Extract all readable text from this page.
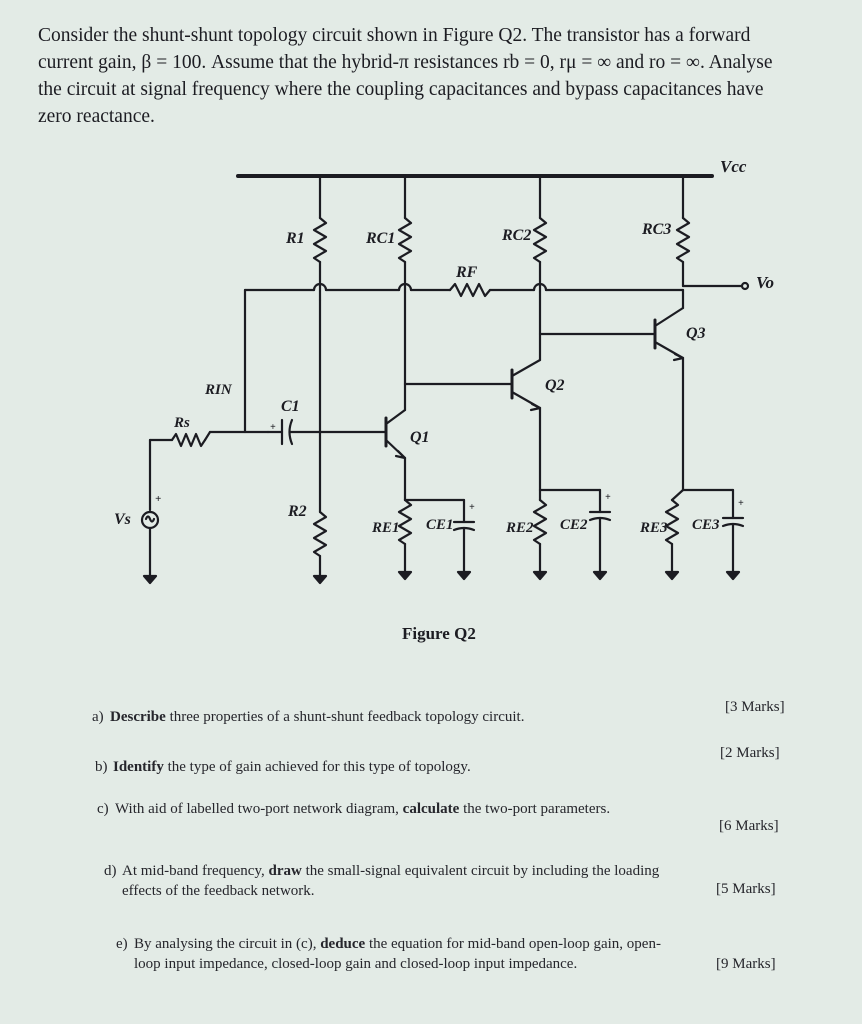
Consider the shunt-shunt topology circuit shown in Figure Q2. The transistor has a forward
current gain, β = 100. Assume that the hybrid-π resistances rb = 0, rμ = ∞ and ro = ∞. Analyse
the circuit at signal frequency where the coupling capacitances and bypass capacitances have
zero reactance.
Vcc
R1	RC1	RC2	RC3
RF
Vo
RIN
Rs
+
Vs
+
C1
R2
Q1
+
RE1 CE1
Q2
+
RE2 CE2
Q3
+
RE3 CE3
Figure Q2
a) Describe three properties of a shunt-shunt feedback topology circuit.
[3 Marks]
b) Identify the type of gain achieved for this type of topology.
[2 Marks]
c) With aid of labelled two-port network diagram, calculate the two-port parameters.
[6 Marks]
d) At mid-band frequency, draw the small-signal equivalent circuit by including the loading
effects of the feedback network.	[5 Marks]
e) By analysing the circuit in (c), deduce the equation for mid-band open-loop gain, open-
loop input impedance, closed-loop gain and closed-loop input impedance.	[9 Marks]
